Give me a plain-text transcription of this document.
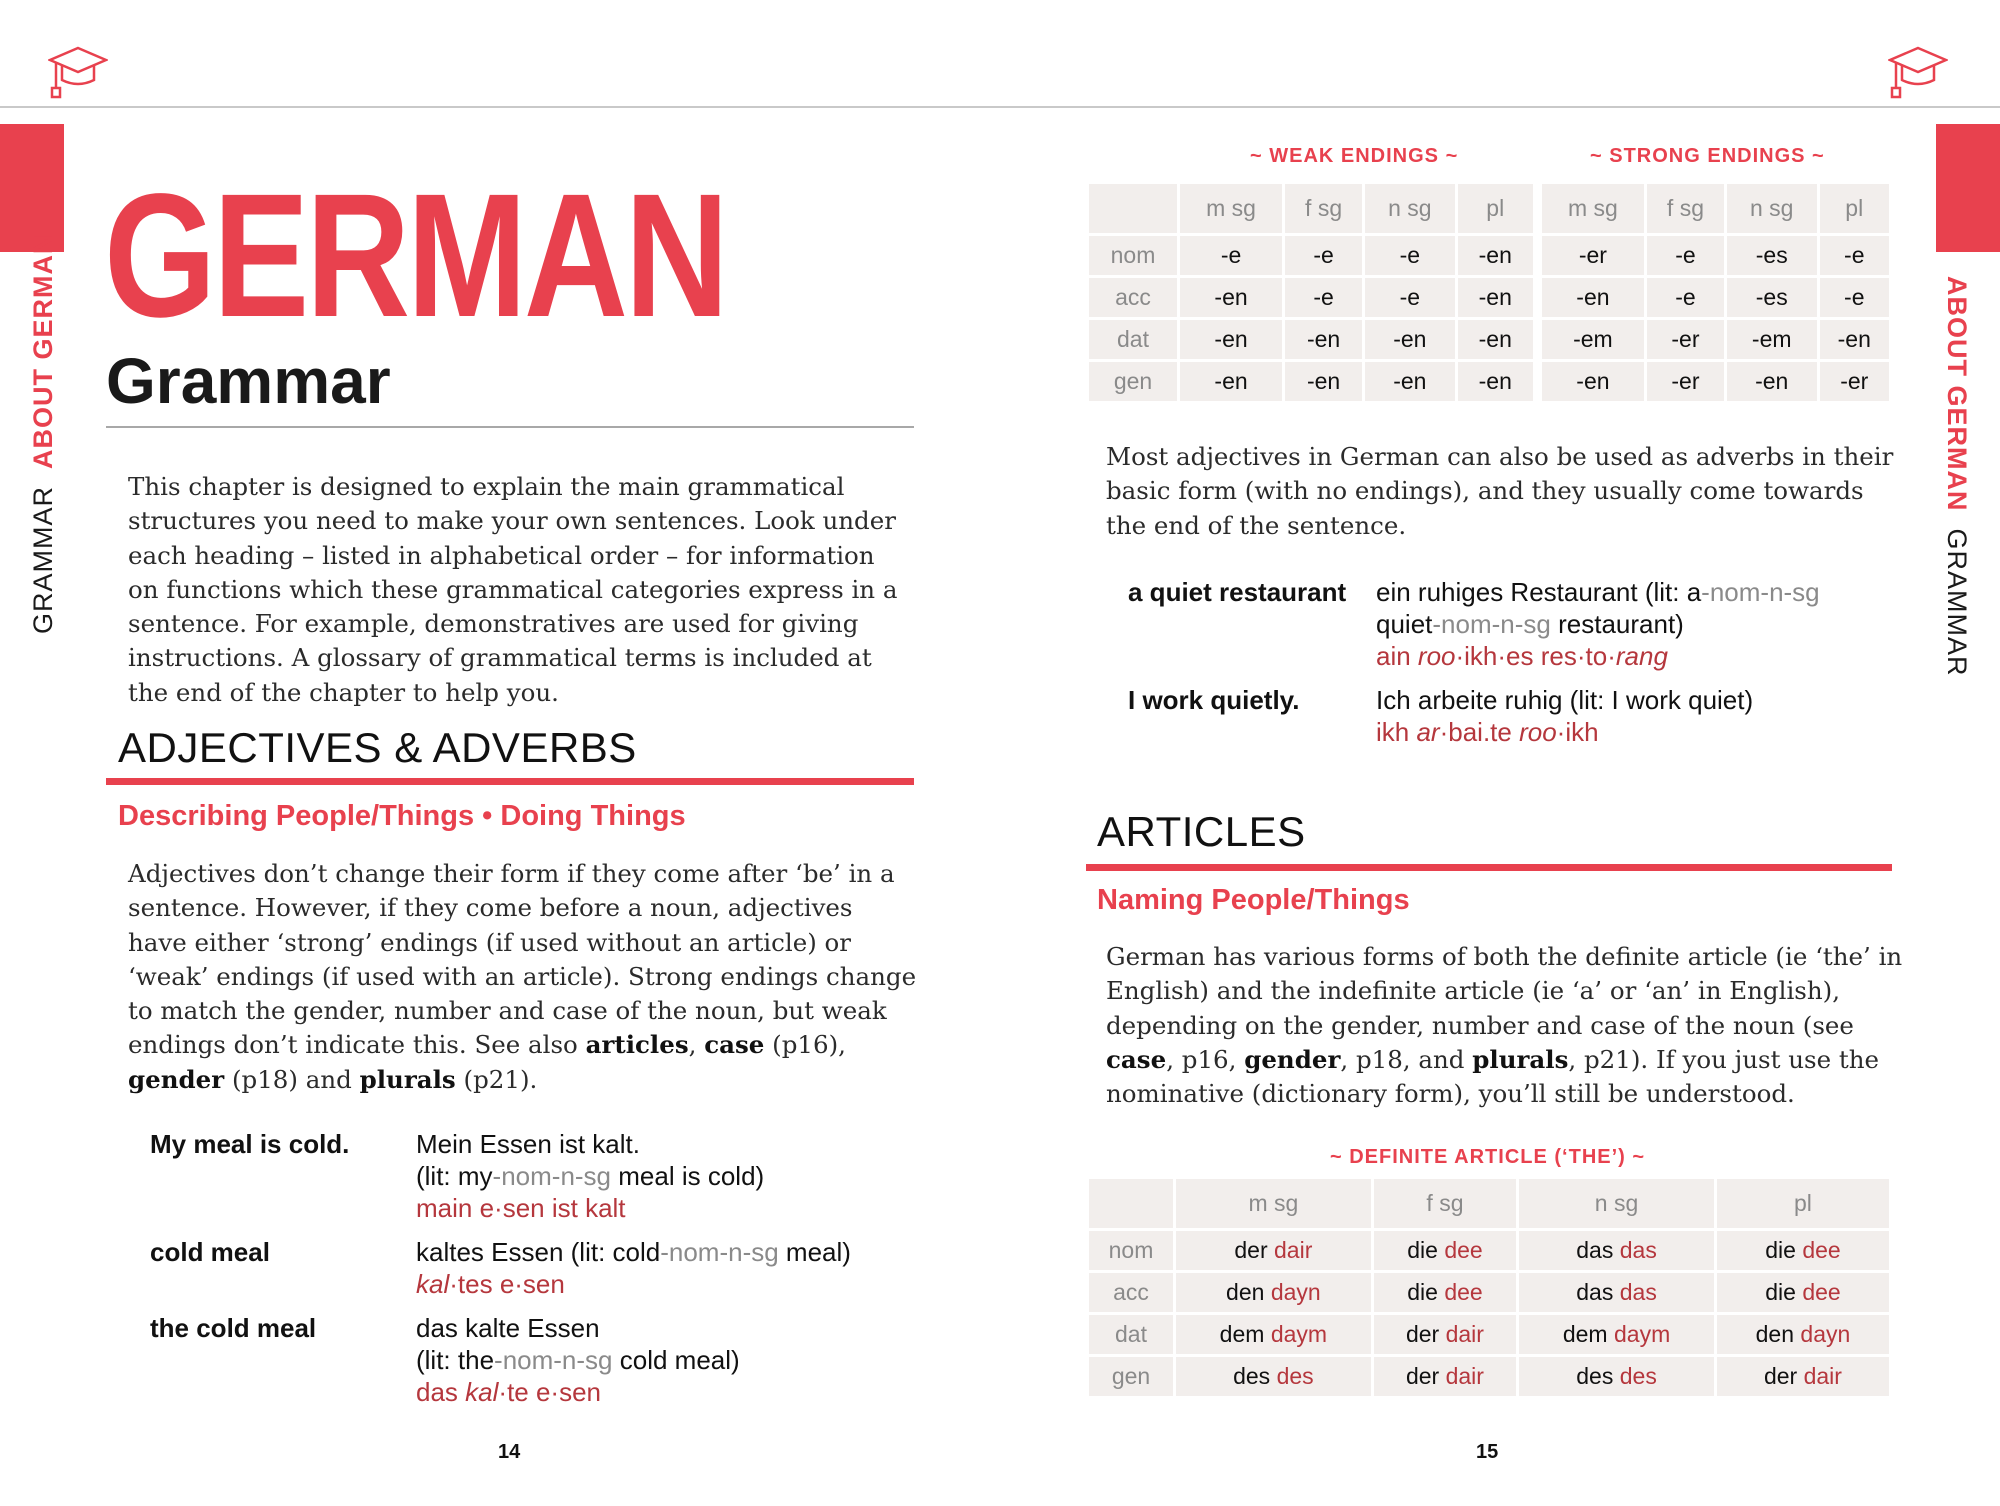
GRAMMAR  ABOUT GERMAN	ABOUT GERMAN  GRAMMAR
GERMAN
Grammar
This chapter is designed to explain the main grammatical structures you need to make your own sentences. Look under each heading – listed in alphabetical order – for information on functions which these grammatical categories express in a sentence. For example, demonstratives are used for giving instructions. A glossary of grammatical terms is included at the end of the chapter to help you.
ADJECTIVES & ADVERBS
Describing People/Things • Doing Things
Adjectives don’t change their form if they come after ‘be’ in a sentence. However, if they come before a noun, adjectives have either ‘strong’ endings (if used without an article) or ‘weak’ endings (if used with an article). Strong endings change to match the gender, number and case of the noun, but weak endings don’t indicate this. See also articles, case (p16), gender (p18) and plurals (p21).
My meal is cold.	Mein Essen ist kalt.
(lit: my-nom-n-sg meal is cold)
main e·sen ist kalt
cold meal	kaltes Essen (lit: cold-nom-n-sg meal)
kal·tes e·sen
the cold meal	das kalte Essen
(lit: the-nom-n-sg cold meal)
das kal·te e·sen
14
~ WEAK ENDINGS ~	~ STRONG ENDINGS ~
	m sg	f sg	n sg	pl	m sg	f sg	n sg	pl
nom	-e	-e	-e	-en	-er	-e	-es	-e
acc	-en	-e	-e	-en	-en	-e	-es	-e
dat	-en	-en	-en	-en	-em	-er	-em	-en
gen	-en	-en	-en	-en	-en	-er	-en	-er
Most adjectives in German can also be used as adverbs in their basic form (with no endings), and they usually come towards the end of the sentence.
a quiet restaurant	ein ruhiges Restaurant (lit: a-nom-n-sg
quiet-nom-n-sg restaurant)
ain roo·ikh·es res·to·rang
I work quietly.	Ich arbeite ruhig (lit: I work quiet)
ikh ar·bai.te roo·ikh
ARTICLES
Naming People/Things
German has various forms of both the definite article (ie ‘the’ in English) and the indefinite article (ie ‘a’ or ‘an’ in English), depending on the gender, number and case of the noun (see case, p16, gender, p18, and plurals, p21). If you just use the nominative (dictionary form), you’ll still be understood.
~ DEFINITE ARTICLE (‘THE’) ~
	m sg	f sg	n sg	pl
nom	der dair	die dee	das das	die dee
acc	den dayn	die dee	das das	die dee
dat	dem daym	der dair	dem daym	den dayn
gen	des des	der dair	des des	der dair
15
